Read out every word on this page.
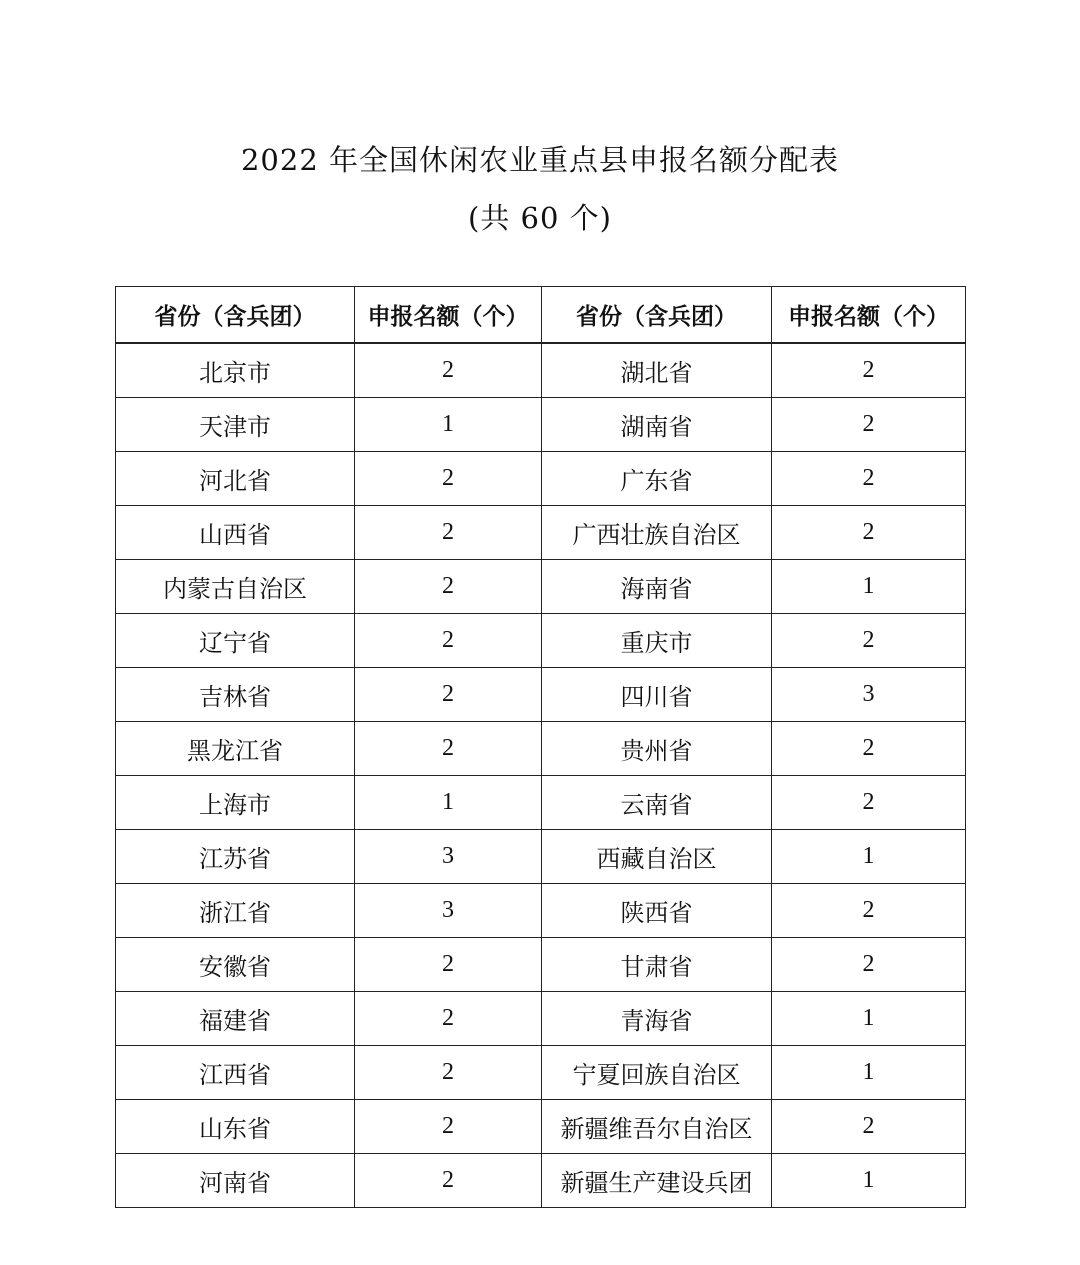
2022 年全国休闲农业重点县申报名额分配表
(共 60 个)
省份（含兵团）	申报名额（个）	省份（含兵团）	申报名额（个）
北京市	2	湖北省	2
天津市	1	湖南省	2
河北省	2	广东省	2
山西省	2	广西壮族自治区	2
内蒙古自治区	2	海南省	1
辽宁省	2	重庆市	2
吉林省	2	四川省	3
黑龙江省	2	贵州省	2
上海市	1	云南省	2
江苏省	3	西藏自治区	1
浙江省	3	陕西省	2
安徽省	2	甘肃省	2
福建省	2	青海省	1
江西省	2	宁夏回族自治区	1
山东省	2	新疆维吾尔自治区	2
河南省	2	新疆生产建设兵团	1
